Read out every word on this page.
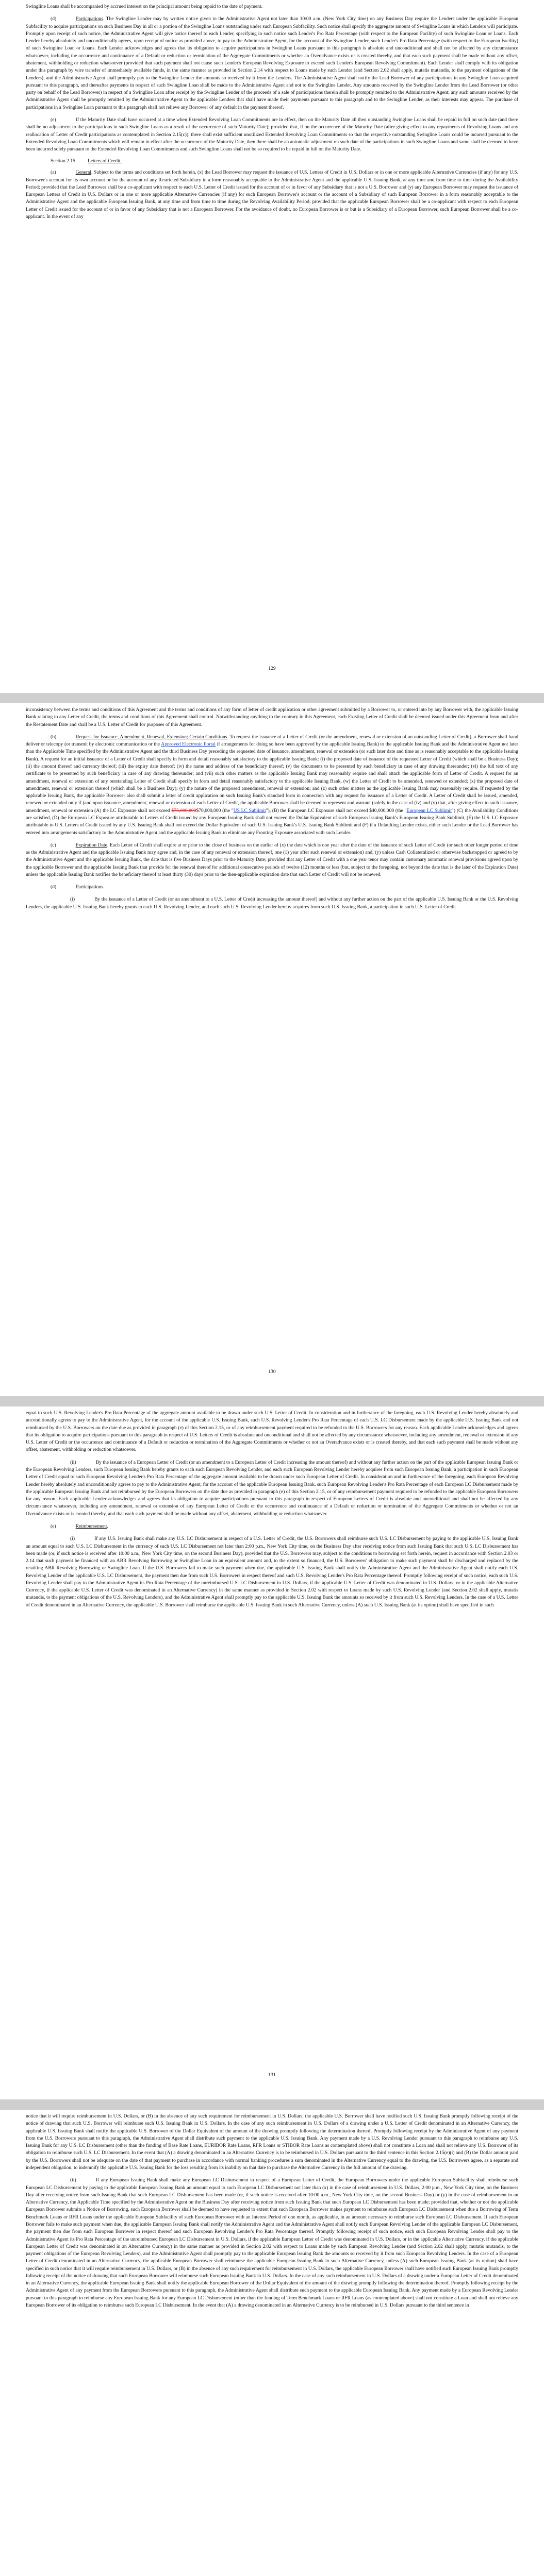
Swingline Loans shall be accompanied by accrued interest on the principal amount being repaid to the date of payment.

(d)	Participations. The Swingline Lender may by written notice given to the Administrative Agent not later than 10:00 a.m. (New York City time) on any Business Day require the Lenders under the applicable European Subfacility to acquire participations on such Business Day in all or a portion of the Swingline Loans outstanding under such European Subfacility. Such notice shall specify the aggregate amount of Swingline Loans in which Lenders will participate. Promptly upon receipt of such notice, the Administrative Agent will give notice thereof to each Lender, specifying in such notice such Lender's Pro Rata Percentage (with respect to the European Facility) of such Swingline Loan or Loans. Each Lender hereby absolutely and unconditionally agrees, upon receipt of notice as provided above, to pay to the Administrative Agent, for the account of the Swingline Lender, such Lender's Pro Rata Percentage (with respect to the European Facility) of such Swingline Loan or Loans. Each Lender acknowledges and agrees that its obligation to acquire participations in Swingline Loans pursuant to this paragraph is absolute and unconditional and shall not be affected by any circumstance whatsoever, including the occurrence and continuance of a Default or reduction or termination of the Aggregate Commitments or whether an Overadvance exists or is created thereby, and that each such payment shall be made without any offset, abatement, withholding or reduction whatsoever (provided that such payment shall not cause such Lender's European Revolving Exposure to exceed such Lender's European Revolving Commitment). Each Lender shall comply with its obligation under this paragraph by wire transfer of immediately available funds, in the same manner as provided in Section 2.14 with respect to Loans made by such Lender (and Section 2.02 shall apply, mutatis mutandis, to the payment obligations of the Lenders), and the Administrative Agent shall promptly pay to the Swingline Lender the amounts so received by it from the Lenders. The Administrative Agent shall notify the Lead Borrower of any participations in any Swingline Loan acquired pursuant to this paragraph, and thereafter payments in respect of such Swingline Loan shall be made to the Administrative Agent and not to the Swingline Lender. Any amounts received by the Swingline Lender from the Lead Borrower (or other party on behalf of the Lead Borrower) in respect of a Swingline Loan after receipt by the Swingline Lender of the proceeds of a sale of participations therein shall be promptly remitted to the Administrative Agent; any such amounts received by the Administrative Agent shall be promptly remitted by the Administrative Agent to the applicable Lenders that shall have made their payments pursuant to this paragraph and to the Swingline Lender, as their interests may appear. The purchase of participations in a Swingline Loan pursuant to this paragraph shall not relieve any Borrower of any default in the payment thereof.

(e)	If the Maturity Date shall have occurred at a time when Extended Revolving Loan Commitments are in effect, then on the Maturity Date all then outstanding Swingline Loans shall be repaid in full on such date (and there shall be no adjustment to the participations in such Swingline Loans as a result of the occurrence of such Maturity Date); provided that, if on the occurrence of the Maturity Date (after giving effect to any repayments of Revolving Loans and any reallocation of Letter of Credit participations as contemplated in Section 2.15(c)), there shall exist sufficient unutilized Extended Revolving Loan Commitments so that the respective outstanding Swingline Loans could be incurred pursuant to the Extended Revolving Loan Commitments which will remain in effect after the occurrence of the Maturity Date, then there shall be an automatic adjustment on such date of the participations in such Swingline Loans and same shall be deemed to have been incurred solely pursuant to the Extended Revolving Loan Commitments and such Swingline Loans shall not be so required to be repaid in full on the Maturity Date.

Section 2.15	Letters of Credit.

(a)	General. Subject to the terms and conditions set forth herein, (x) the Lead Borrower may request the issuance of U.S. Letters of Credit in U.S. Dollars or in one or more applicable Alternative Currencies (if any) for any U.S. Borrower's account for its own account or for the account of any Restricted Subsidiary in a form reasonably acceptable to the Administrative Agent and the applicable U.S. Issuing Bank, at any time and from time to time during the Availability Period; provided that the Lead Borrower shall be a co-applicant with respect to each U.S. Letter of Credit issued for the account of or in favor of any Subsidiary that is not a U.S. Borrower and (y) any European Borrower may request the issuance of European Letters of Credit in U.S. Dollars or in one or more applicable Alternative Currencies (if any) for such European Borrower's account or the account of a Subsidiary of such European Borrower in a form reasonably acceptable to the Administrative Agent and the applicable European Issuing Bank, at any time and from time to time during the Revolving Availability Period; provided that the applicable European Borrower shall be a co-applicant with respect to each European Letter of Credit issued for the account of or in favor of any Subsidiary that is not a European Borrower. For the avoidance of doubt, no European Borrower is or but is a Subsidiary of a European Borrower, such European Borrower shall be a co-applicant. In the event of any

129

inconsistency between the terms and conditions of this Agreement and the terms and conditions of any form of letter of credit application or other agreement submitted by a Borrower to, or entered into by any Borrower with, the applicable Issuing Bank relating to any Letter of Credit, the terms and conditions of this Agreement shall control. Notwithstanding anything to the contrary in this Agreement, each Existing Letter of Credit shall be deemed issued under this Agreement from and after the Restatement Date and shall be a U.S. Letter of Credit for purposes of this Agreement.

(b)	Request for Issuance, Amendment, Renewal, Extension; Certain Conditions. To request the issuance of a Letter of Credit (or the amendment, renewal or extension of an outstanding Letter of Credit), a Borrower shall hand deliver or telecopy (or transmit by electronic communication or the Approved Electronic Portal if arrangements for doing so have been approved by the applicable Issuing Bank) to the applicable Issuing Bank and the Administrative Agent not later than the Applicable Time specified by the Administrative Agent and the third Business Day preceding the requested date of issuance, amendment, renewal or extension (or such later date and time as is reasonably acceptable to the applicable Issuing Bank). A request for an initial issuance of a Letter of Credit shall specify in form and detail reasonably satisfactory to the applicable Issuing Bank: (i) the proposed date of issuance of the requested Letter of Credit (which shall be a Business Day); (ii) the amount thereof and currency thereof; (iii) the expiry date thereof; (iv) the name and address of the beneficiary thereof; (v) the documents to be presented by such beneficiary in case of any drawing thereunder; (vi) the full text of any certificate to be presented by such beneficiary in case of any drawing thereunder; and (vii) such other matters as the applicable Issuing Bank may reasonably require and shall attach the applicable form of Letter of Credit. A request for an amendment, renewal or extension of any outstanding Letter of Credit shall specify in form and detail reasonably satisfactory to the applicable Issuing Bank, (w) the Letter of Credit to be amended, renewed or extended; (x) the proposed date of amendment, renewal or extension thereof (which shall be a Business Day); (y) the nature of the proposed amendment, renewal or extension; and (z) such other matters as the applicable Issuing Bank may reasonably require. If requested by the applicable Issuing Bank, the applicable Borrower also shall submit a letter of credit application on such Issuing Bank's standard form in connection with any request for issuance of a Letter of Credit. A Letter of Credit shall be issued, amended, renewed or extended only if (and upon issuance, amendment, renewal or extension of each Letter of Credit, the applicable Borrower shall be deemed to represent and warrant (solely in the case of (iv) and (v) that, after giving effect to such issuance, amendment, renewal or extension (A) the LC Exposure shall not exceed $75,000,000$70,000,000 (the "US LC Sublimit"), (B) the European LC Exposure shall not exceed $40,000,000 (the "European LC Sublimit") (C) the Availability Conditions are satisfied, (D) the European LC Exposure attributable to Letters of Credit issued by any European Issuing Bank shall not exceed the Dollar Equivalent of such European Issuing Bank's European Issuing Bank Sublimit, (E) the U.S. LC Exposure attributable to U.S. Letters of Credit issued by any U.S. Issuing Bank shall not exceed the Dollar Equivalent of such U.S. Issuing Bank's U.S. Issuing Bank Sublimit and (F) if a Defaulting Lender exists, either such Lender or the Lead Borrower has entered into arrangements satisfactory to the Administrative Agent and the applicable Issuing Bank to eliminate any Fronting Exposure associated with such Lender.

(c)	Expiration Date. Each Letter of Credit shall expire at or prior to the close of business on the earlier of (x) the date which is one year after the date of the issuance of such Letter of Credit (or such other longer period of time as the Administrative Agent and the applicable Issuing Bank may agree and, in the case of any renewal or extension thereof, one (1) year after such renewal or extension) and, (y) unless Cash Collateralized or otherwise backstopped or agreed to by the Administrative Agent and the applicable Issuing Bank, the date that is five Business Days prior to the Maturity Date; provided that any Letter of Credit with a one year tenor may contain customary automatic renewal provisions agreed upon by the applicable Borrower and the applicable Issuing Bank that provide for the renewal thereof for additional consecutive periods of twelve (12) months or less (but, subject to the foregoing, not beyond the date that is the later of the Expiration Date) unless the applicable Issuing Bank notifies the beneficiary thereof at least thirty (30) days prior to the then-applicable expiration date that such Letter of Credit will not be renewed.

(d)	Participations.

(i)	By the issuance of a Letter of Credit (or an amendment to a U.S. Letter of Credit increasing the amount thereof) and without any further action on the part of the applicable U.S. Issuing Bank or the U.S. Revolving Lenders, the applicable U.S. Issuing Bank hereby grants to each U.S. Revolving Lender, and each such U.S. Revolving Lender hereby acquires from such U.S. Issuing Bank, a participation in such U.S. Letter of Credit

130

equal to such U.S. Revolving Lender's Pro Rata Percentage of the aggregate amount available to be drawn under such U.S. Letter of Credit. In consideration and in furtherance of the foregoing, each U.S. Revolving Lender hereby absolutely and unconditionally agrees to pay to the Administrative Agent, for the account of the applicable U.S. Issuing Bank, such U.S. Revolving Lender's Pro Rata Percentage of each U.S. LC Disbursement made by the applicable U.S. Issuing Bank and not reimbursed by the U.S. Borrowers on the date due as provided in paragraph (e) of this Section 2.15, or of any reimbursement payment required to be refunded to the U.S. Borrowers for any reason. Each applicable Lender acknowledges and agrees that its obligation to acquire participations pursuant to this paragraph in respect of U.S. Letters of Credit is absolute and unconditional and shall not be affected by any circumstance whatsoever, including any amendment, renewal or extension of any U.S. Letter of Credit or the occurrence and continuance of a Default or reduction or termination of the Aggregate Commitments or whether or not an Overadvance exists or is created thereby, and that each such payment shall be made without any offset, abatement, withholding or reduction whatsoever.

(ii)	By the issuance of a European Letter of Credit (or an amendment to a European Letter of Credit increasing the amount thereof) and without any further action on the part of the applicable European Issuing Bank or the European Revolving Lenders, such European Issuing Bank hereby grants to each such European Revolving Lender, and each such European Revolving Lender hereby acquires from such European Issuing Bank, a participation in such European Letter of Credit equal to such European Revolving Lender's Pro Rata Percentage of the aggregate amount available to be drawn under such European Letter of Credit. In consideration and in furtherance of the foregoing, each European Revolving Lender hereby absolutely and unconditionally agrees to pay to the Administrative Agent, for the account of the applicable European Issuing Bank, such European Revolving Lender's Pro Rata Percentage of each European LC Disbursement made by the applicable European Issuing Bank and not reimbursed by the European Borrowers on the date due as provided in paragraph (e) of this Section 2.15, or of any reimbursement payment required to be refunded to the applicable European Borrowers for any reason. Each applicable Lender acknowledges and agrees that its obligation to acquire participations pursuant to this paragraph in respect of European Letters of Credit is absolute and unconditional and shall not be affected by any circumstance whatsoever, including any amendment, renewal or extension of any European Letter of Credit or the occurrence and continuance of a Default or reduction or termination of the Aggregate Commitments or whether or not an Overadvance exists or is created thereby, and that each such payment shall be made without any offset, abatement, withholding or reduction whatsoever.

(e)	Reimbursement.

(i)	If any U.S. Issuing Bank shall make any U.S. LC Disbursement in respect of a U.S. Letter of Credit, the U.S. Borrowers shall reimburse such U.S. LC Disbursement by paying to the applicable U.S. Issuing Bank an amount equal to such U.S. LC Disbursement in the currency of such U.S. LC Disbursement not later than 2:00 p.m., New York City time, on the Business Day after receiving notice from such Issuing Bank that such U.S. LC Disbursement has been made (or, if such notice is received after 10:00 a.m., New York City time, on the second Business Day), provided that the U.S. Borrowers may, subject to the conditions to borrowing set forth herein, request in accordance with Section 2.03 or 2.14 that such payment be financed with an ABR Revolving Borrowing or Swingline Loan in an equivalent amount and, to the extent so financed, the U.S. Borrowers' obligation to make such payment shall be discharged and replaced by the resulting ABR Revolving Borrowing or Swingline Loan. If the U.S. Borrowers fail to make such payment when due, the applicable U.S. Issuing Bank shall notify the Administrative Agent and the Administrative Agent shall notify each U.S. Revolving Lender of the applicable U.S. LC Disbursement, the payment then due from such U.S. Borrowers in respect thereof and such U.S. Revolving Lender's Pro Rata Percentage thereof. Promptly following receipt of such notice, each such U.S. Revolving Lender shall pay to the Administrative Agent its Pro Rata Percentage of the unreimbursed U.S. LC Disbursement in U.S. Dollars, if the applicable U.S. Letter of Credit was denominated in U.S. Dollars, or in the applicable Alternative Currency, if the applicable U.S. Letter of Credit was denominated in an Alternative Currency) in the same manner as provided in Section 2.02 with respect to Loans made by such U.S. Revolving Lender (and Section 2.02 shall apply, mutatis mutandis, to the payment obligations of the U.S. Revolving Lenders), and the Administrative Agent shall promptly pay to the applicable U.S. Issuing Bank the amounts so received by it from such U.S. Revolving Lenders. In the case of a U.S. Letter of Credit denominated in an Alternative Currency, the applicable U.S. Borrower shall reimburse the applicable U.S. Issuing Bank in such Alternative Currency, unless (A) such U.S. Issuing Bank (at its option) shall have specified in such

131

notice that it will require reimbursement in U.S. Dollars, or (B) in the absence of any such requirement for reimbursement in U.S. Dollars, the applicable U.S. Borrower shall have notified such U.S. Issuing Bank promptly following receipt of the notice of drawing that such U.S. Borrower will reimburse such U.S. Issuing Bank in U.S. Dollars. In the case of any such reimbursement in U.S. Dollars of a drawing under a U.S. Letter of Credit denominated in an Alternative Currency, the applicable U.S. Issuing Bank shall notify the applicable U.S. Borrower of the Dollar Equivalent of the amount of the drawing promptly following the determination thereof. Promptly following receipt by the Administrative Agent of any payment from the U.S. Borrowers pursuant to this paragraph, the Administrative Agent shall distribute such payment to the applicable U.S. Issuing Bank. Any payment made by a U.S. Revolving Lender pursuant to this paragraph to reimburse any U.S. Issuing Bank for any U.S. LC Disbursement (other than the funding of Base Rate Loans, EURIBOR Rate Loans, RFR Loans or STIBOR Rate Loans as contemplated above) shall not constitute a Loan and shall not relieve any U.S. Borrower of its obligation to reimburse such U.S. LC Disbursement. In the event that (A) a drawing denominated in an Alternative Currency is to be reimbursed in U.S. Dollars pursuant to the third sentence in this Section 2.15(e)(i) and (B) the Dollar amount paid by the U.S. Borrowers shall not be adequate on the date of that payment to purchase in accordance with normal banking procedures a sum denominated in the Alternative Currency equal to the drawing, the U.S. Borrowers agree, as a separate and independent obligation, to indemnify the applicable U.S. Issuing Bank for the loss resulting from its inability on that date to purchase the Alternative Currency in the full amount of the drawing.

(ii)	If any European Issuing Bank shall make any European LC Disbursement in respect of a European Letter of Credit, the European Borrowers under the applicable European Subfacility shall reimburse such European LC Disbursement by paying to the applicable European Issuing Bank an amount equal to such European LC Disbursement not later than (x) in the case of reimbursement in U.S. Dollars, 2:00 p.m., New York City time, on the Business Day after receiving notice from such Issuing Bank that such European LC Disbursement has been made (or, if such notice is received after 10:00 a.m., New York City time, on the second Business Day) or (y) in the case of reimbursement in an Alternative Currency, the Applicable Time specified by the Administrative Agent on the Business Day after receiving notice from such Issuing Bank that such European LC Disbursement has been made; provided that, whether or not the applicable European Borrower submits a Notice of Borrowing, such European Borrower shall be deemed to have requested to extent that such European Borrower makes payment to reimburse such European LC Disbursement when due a Borrowing of Term Benchmark Loans or RFR Loans under the applicable European Subfacility of such European Borrower with an Interest Period of one month, as applicable, in an amount necessary to reimburse such European LC Disbursement. If such European Borrower fails to make such payment when due, the applicable European Issuing Bank shall notify the Administrative Agent and the Administrative Agent shall notify each European Revolving Lender of the applicable European LC Disbursement, the payment then due from such European Borrower in respect thereof and such European Revolving Lender's Pro Rata Percentage thereof. Promptly following receipt of such notice, each such European Revolving Lender shall pay to the Administrative Agent its Pro Rata Percentage of the unreimbursed European LC Disbursement in U.S. Dollars, if the applicable European Letter of Credit was denominated in U.S. Dollars, or in the applicable Alternative Currency, if the applicable European Letter of Credit was denominated in an Alternative Currency) in the same manner as provided in Section 2.02 with respect to Loans made by such European Revolving Lender (and Section 2.02 shall apply, mutatis mutandis, to the payment obligations of the European Revolving Lenders), and the Administrative Agent shall promptly pay to the applicable European Issuing Bank the amounts so received by it from such European Revolving Lenders. In the case of a European Letter of Credit denominated in an Alternative Currency, the applicable European Borrower shall reimburse the applicable European Issuing Bank in such Alternative Currency, unless (A) such European Issuing Bank (at its option) shall have specified in such notice that it will require reimbursement in U.S. Dollars, or (B) in the absence of any such requirement for reimbursement in U.S. Dollars, the applicable European Borrower shall have notified such European Issuing Bank promptly following receipt of the notice of drawing that such European Borrower will reimburse such European Issuing Bank in U.S. Dollars. In the case of any such reimbursement in U.S. Dollars of a drawing under a European Letter of Credit denominated in an Alternative Currency, the applicable European Issuing Bank shall notify the applicable European Borrower of the Dollar Equivalent of the amount of the drawing promptly following the determination thereof. Promptly following receipt by the Administrative Agent of any payment from the European Borrowers pursuant to this paragraph, the Administrative Agent shall distribute such payment to the applicable European Issuing Bank. Any payment made by a European Revolving Lender pursuant to this paragraph to reimburse any European Issuing Bank for any European LC Disbursement (other than the funding of Term Benchmark Loans or RFR Loans (as contemplated above) shall not constitute a Loan and shall not relieve any European Borrower of its obligation to reimburse such European LC Disbursement. In the event that (A) a drawing denominated in an Alternative Currency is to be reimbursed in U.S. Dollars pursuant to the third sentence in
